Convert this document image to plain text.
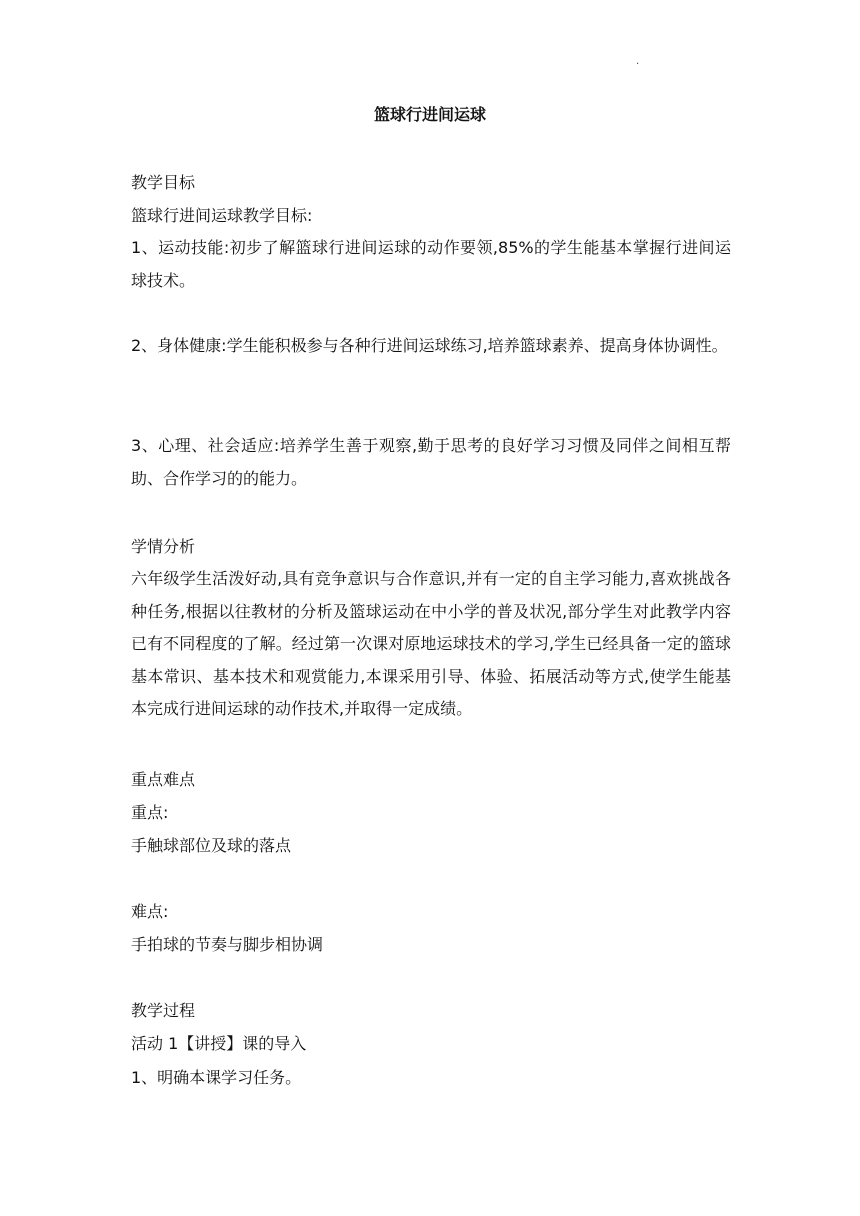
.
篮球行进间运球
教学目标
篮球行进间运球教学目标:
1、运动技能:初步了解篮球行进间运球的动作要领,85%的学生能基本掌握行进间运球技术。
2、身体健康:学生能积极参与各种行进间运球练习,培养篮球素养、提高身体协调性。
3、心理、社会适应:培养学生善于观察,勤于思考的良好学习习惯及同伴之间相互帮助、合作学习的的能力。
学情分析
六年级学生活泼好动,具有竞争意识与合作意识,并有一定的自主学习能力,喜欢挑战各种任务,根据以往教材的分析及篮球运动在中小学的普及状况,部分学生对此教学内容已有不同程度的了解。经过第一次课对原地运球技术的学习,学生已经具备一定的篮球基本常识、基本技术和观赏能力,本课采用引导、体验、拓展活动等方式,使学生能基本完成行进间运球的动作技术,并取得一定成绩。
重点难点
重点:
手触球部位及球的落点
难点:
手拍球的节奏与脚步相协调
教学过程
活动 1【讲授】课的导入
1、明确本课学习任务。
